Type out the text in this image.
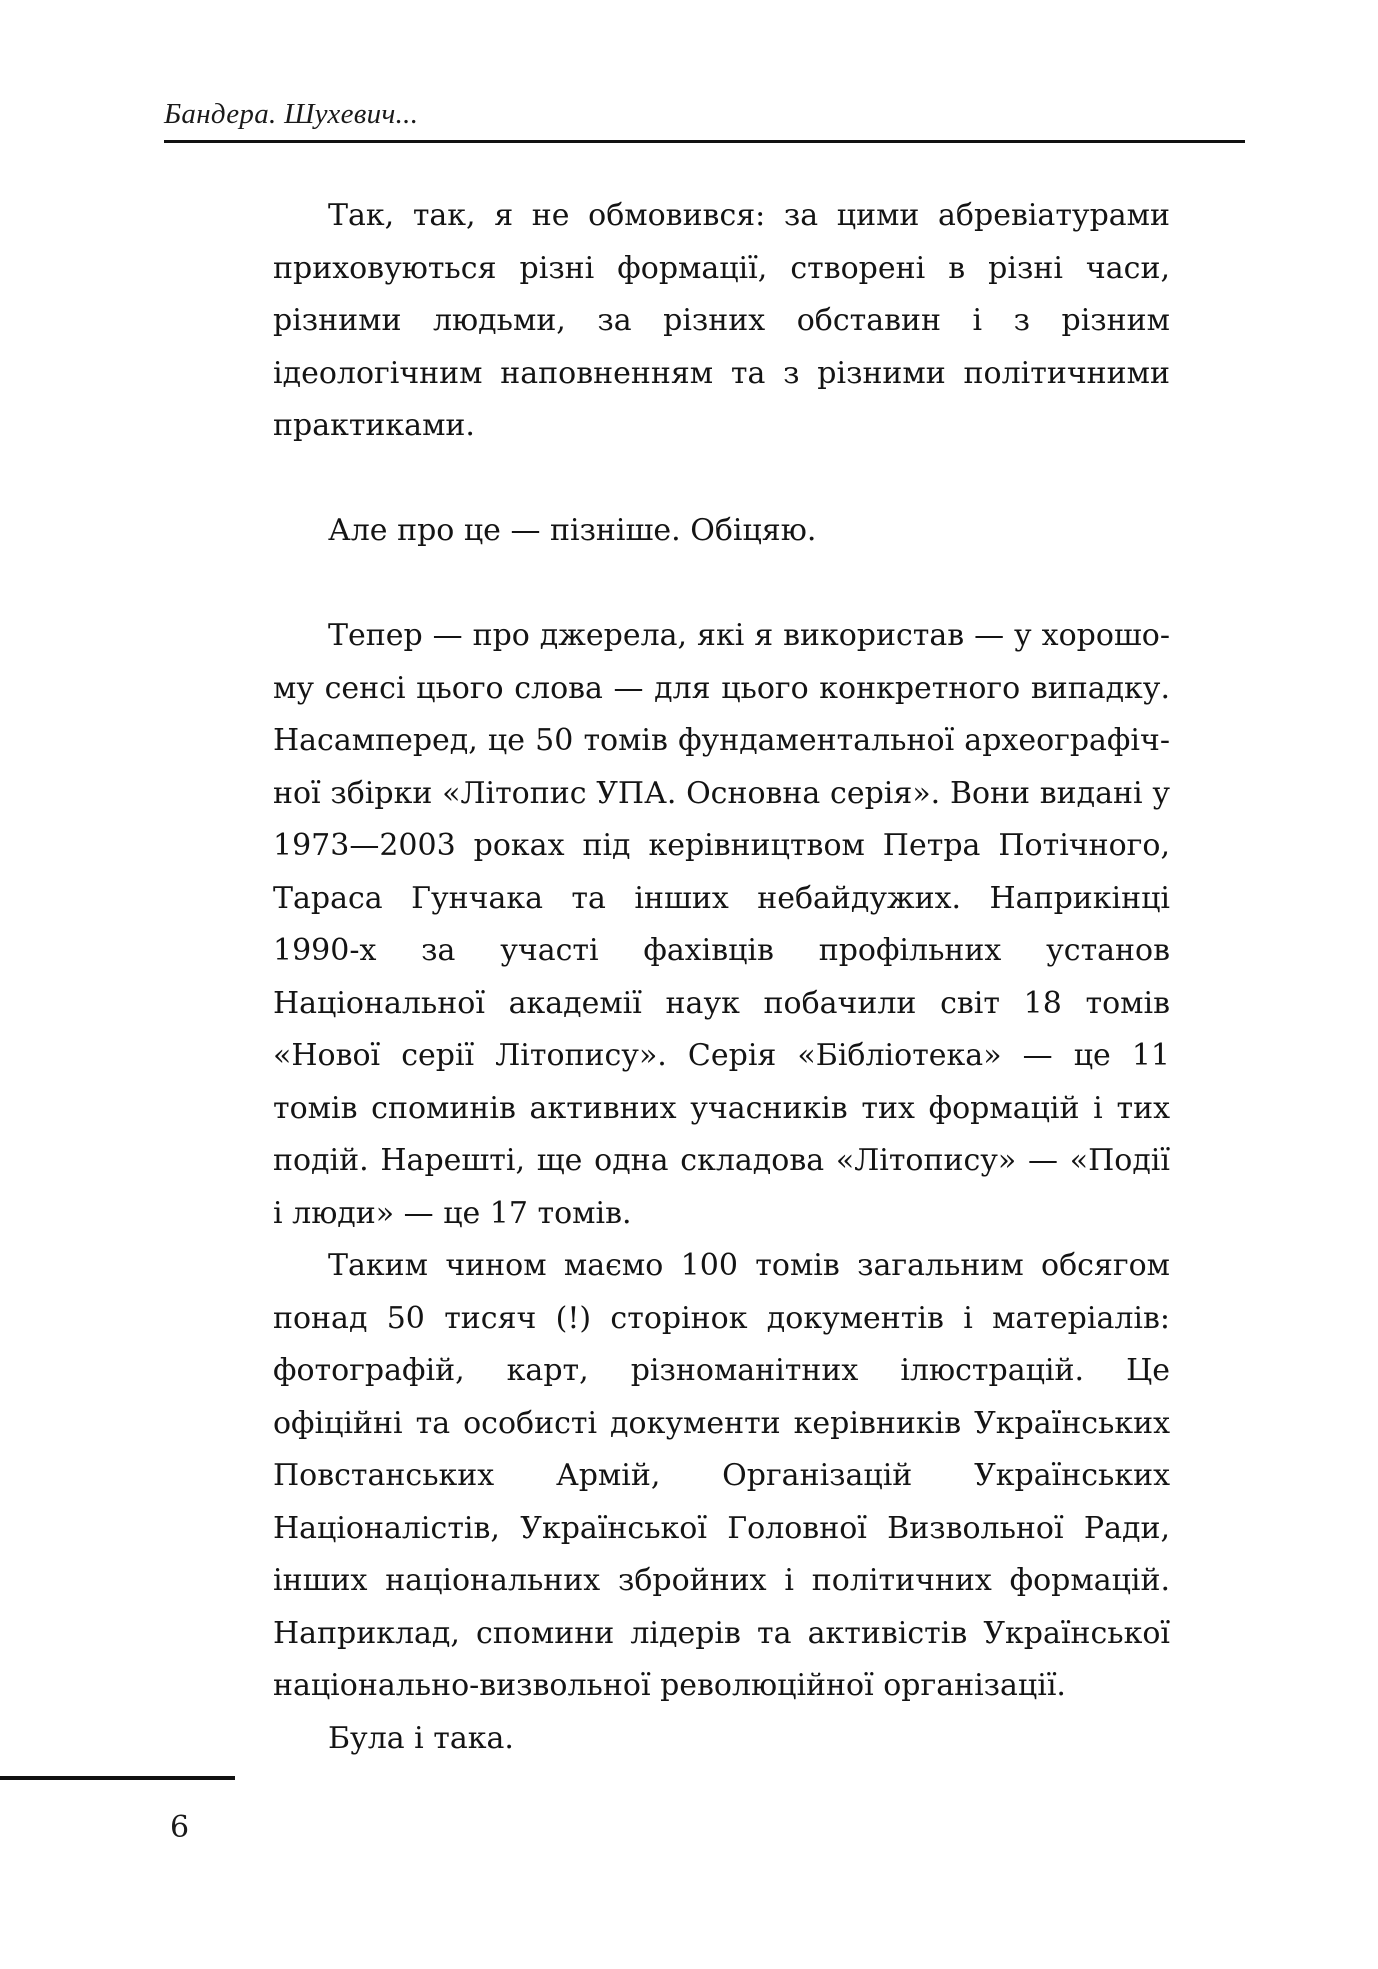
Бандера. Шухевич...

Так, так, я не обмовився: за цими абревіатурами приховуються різні формації, створені в різні часи, різними людьми, за різних обставин і з різним ідеологічним наповненням та з різними політичними практиками.

Але про це — пізніше. Обіцяю.

Тепер — про джерела, які я використав — у хорошому сенсі цього слова — для цього конкретного випадку. Насамперед, це 50 томів фундаментальної археографічної збірки «Літопис УПА. Основна серія». Вони видані у 1973—2003 роках під керівництвом Петра Потічного, Тараса Гунчака та інших небайдужих. Наприкінці 1990-х за участі фахівців профільних установ Національної академії наук побачили світ 18 томів «Нової серії Літопису». Серія «Бібліотека» — це 11 томів споминів активних учасників тих формацій і тих подій. Нарешті, ще одна складова «Літопису» — «Події і люди» — це 17 томів.

Таким чином маємо 100 томів загальним обсягом понад 50 тисяч (!) сторінок документів і матеріалів: фотографій, карт, різноманітних ілюстрацій. Це офіційні та особисті документи керівників Українських Повстанських Армій, Організацій Українських Націоналістів, Української Головної Визвольної Ради, інших національних збройних і політичних формацій. Наприклад, спомини лідерів та активістів Української національно-визвольної революційної організації.

Була і така.

6
